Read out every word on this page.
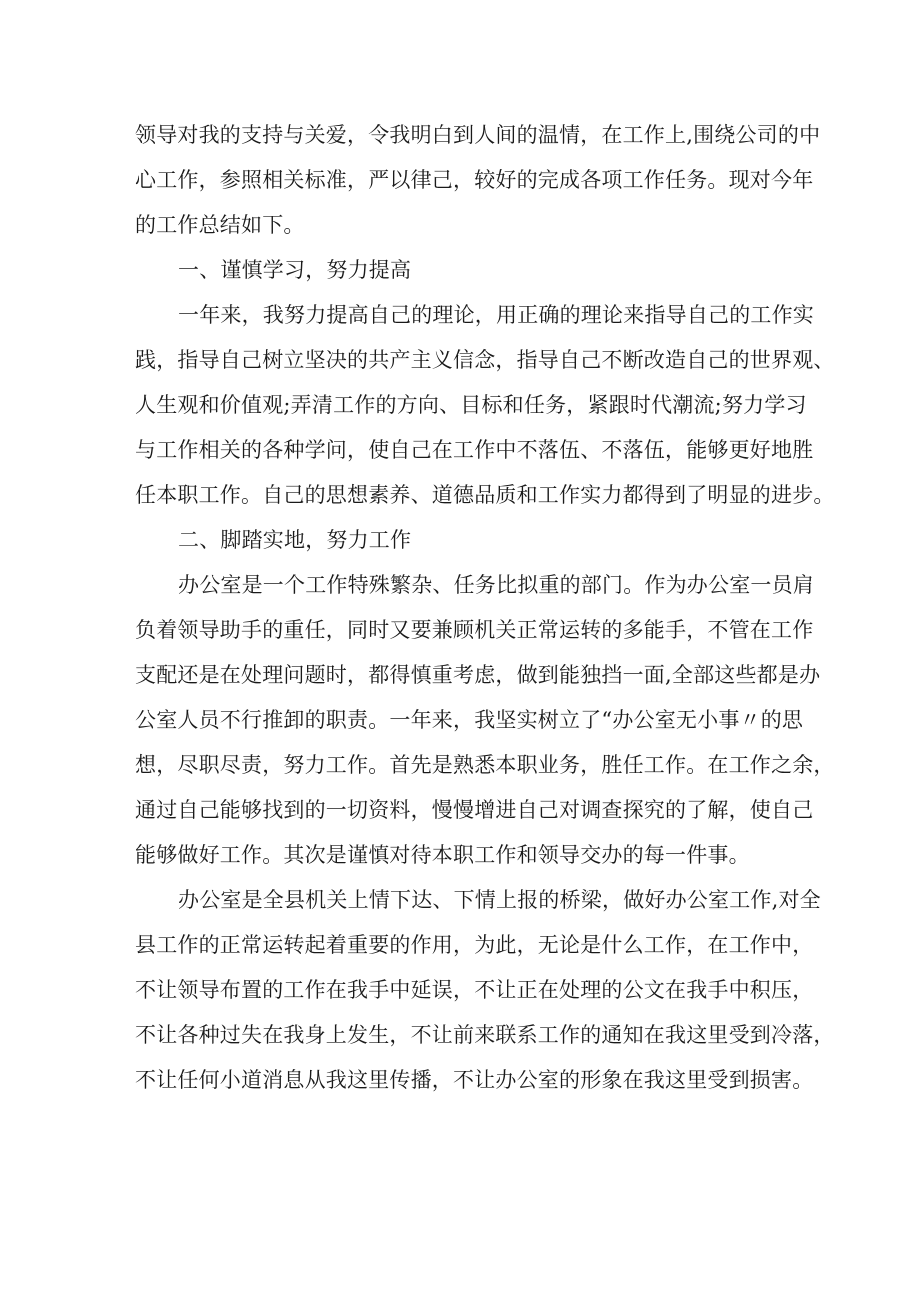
领导对我的支持与关爱，令我明白到人间的温情，在工作上,围绕公司的中
心工作，参照相关标准，严以律己，较好的完成各项工作任务。现对今年
的工作总结如下。

一、谨慎学习，努力提高

一年来，我努力提高自己的理论，用正确的理论来指导自己的工作实
践，指导自己树立坚决的共产主义信念，指导自己不断改造自己的世界观、
人生观和价值观;弄清工作的方向、目标和任务，紧跟时代潮流;努力学习
与工作相关的各种学问，使自己在工作中不落伍、不落伍，能够更好地胜
任本职工作。自己的思想素养、道德品质和工作实力都得到了明显的进步。

二、脚踏实地，努力工作

办公室是一个工作特殊繁杂、任务比拟重的部门。作为办公室一员肩
负着领导助手的重任，同时又要兼顾机关正常运转的多能手，不管在工作
支配还是在处理问题时，都得慎重考虑，做到能独挡一面,全部这些都是办
公室人员不行推卸的职责。一年来，我坚实树立了“办公室无小事〃的思
想，尽职尽责，努力工作。首先是熟悉本职业务，胜任工作。在工作之余，
通过自己能够找到的一切资料，慢慢增进自己对调查探究的了解，使自己
能够做好工作。其次是谨慎对待本职工作和领导交办的每一件事。

办公室是全县机关上情下达、下情上报的桥梁，做好办公室工作,对全
县工作的正常运转起着重要的作用，为此，无论是什么工作，在工作中，
不让领导布置的工作在我手中延误，不让正在处理的公文在我手中积压，
不让各种过失在我身上发生，不让前来联系工作的通知在我这里受到冷落，
不让任何小道消息从我这里传播，不让办公室的形象在我这里受到损害。
